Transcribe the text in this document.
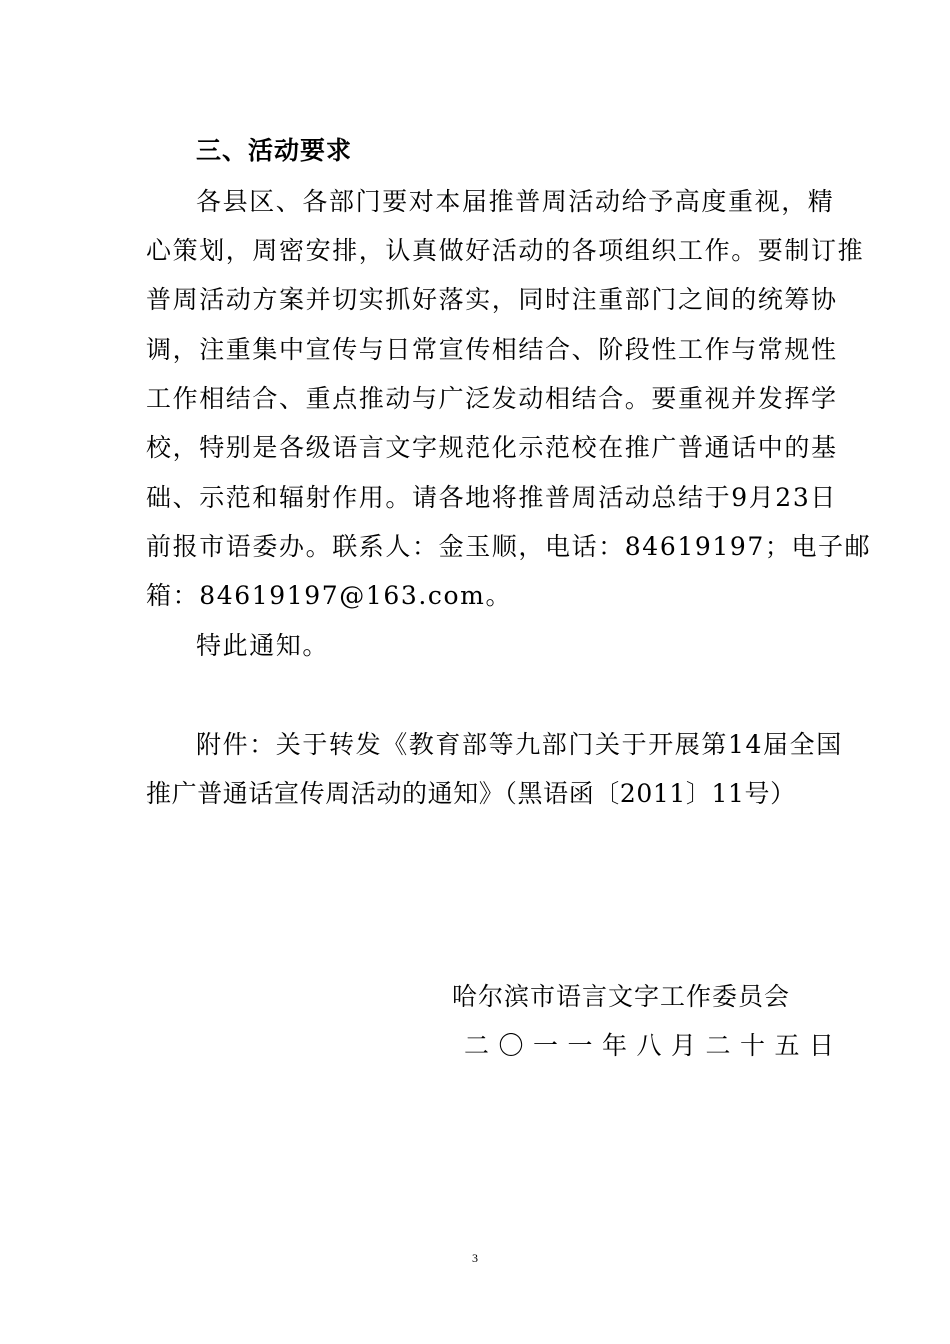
三、活动要求

各县区、各部门要对本届推普周活动给予高度重视，精

心策划，周密安排，认真做好活动的各项组织工作。要制订推

普周活动方案并切实抓好落实，同时注重部门之间的统筹协

调，注重集中宣传与日常宣传相结合、阶段性工作与常规性

工作相结合、重点推动与广泛发动相结合。要重视并发挥学

校，特别是各级语言文字规范化示范校在推广普通话中的基

础、示范和辐射作用。请各地将推普周活动总结于9月23日

前报市语委办。联系人：金玉顺，电话：84619197；电子邮

箱：84619197@163.com。

特此通知。

附件：关于转发《教育部等九部门关于开展第14届全国

推广普通话宣传周活动的通知》（黑语函〔2011〕11号）

哈尔滨市语言文字工作委员会

二〇一一年八月二十五日

3
